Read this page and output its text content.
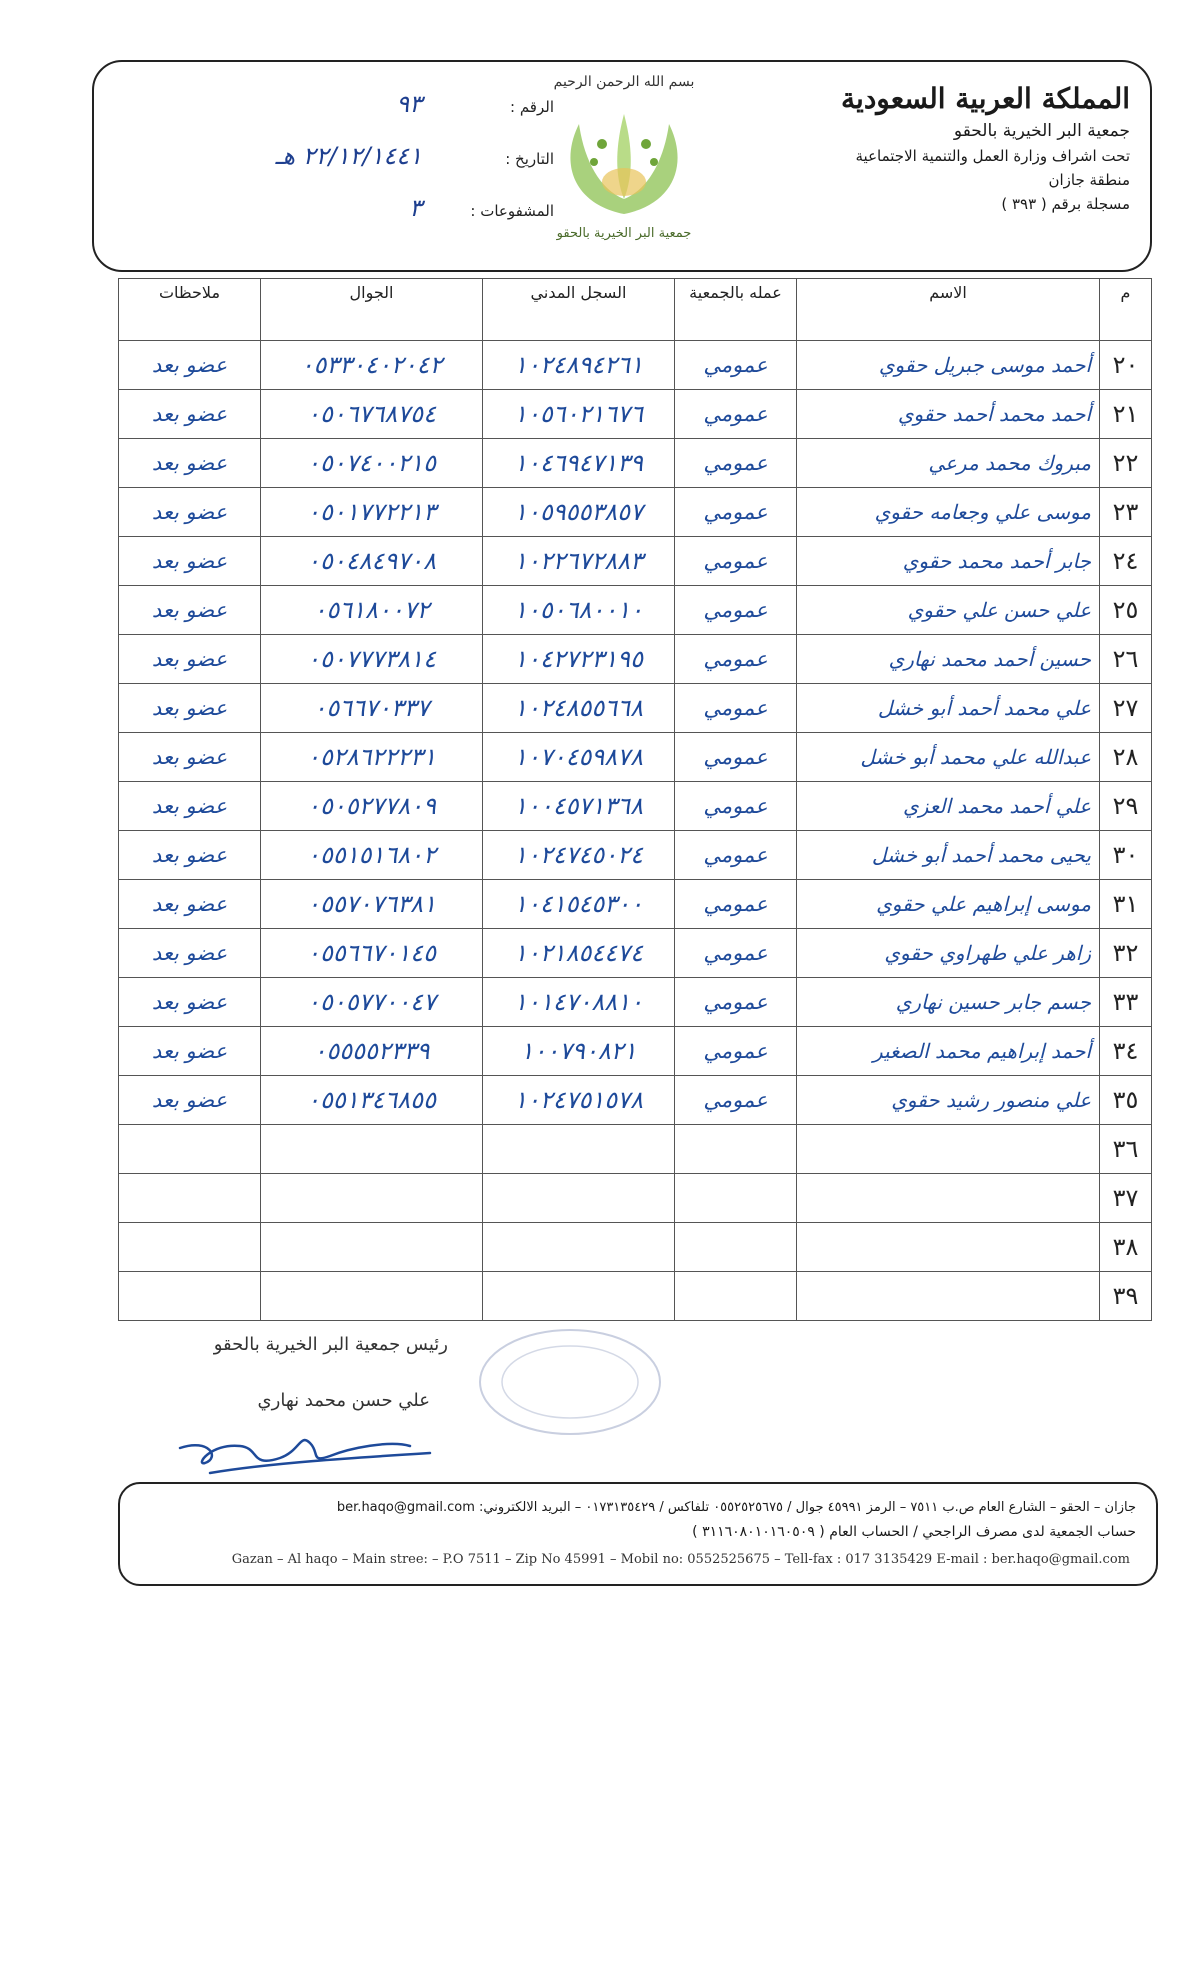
المملكة العربية السعودية
جمعية البر الخيرية بالحقو
تحت اشراف وزارة العمل والتنمية الاجتماعية
منطقة جازان
مسجلة برقم ( ٣٩٣ )
بسم الله الرحمن الرحيم
جمعية البر الخيرية بالحقو
الرقم :
٩٣
التاريخ :
٢٢/١٢/١٤٤١ هـ
المشفوعات :
٣
م	الاسم	عمله بالجمعية	السجل المدني	الجوال	ملاحظات
٢٠	أحمد موسى جبريل حقوي	عمومي	١٠٢٤٨٩٤٢٦١	٠٥٣٣٠٤٠٢٠٤٢	عضو بعد
٢١	أحمد محمد أحمد حقوي	عمومي	١٠٥٦٠٢١٦٧٦	٠٥٠٦٧٦٨٧٥٤	عضو بعد
٢٢	مبروك محمد مرعي	عمومي	١٠٤٦٩٤٧١٣٩	٠٥٠٧٤٠٠٢١٥	عضو بعد
٢٣	موسى علي وجعامه حقوي	عمومي	١٠٥٩٥٥٣٨٥٧	٠٥٠١٧٧٢٢١٣	عضو بعد
٢٤	جابر أحمد محمد حقوي	عمومي	١٠٢٢٦٧٢٨٨٣	٠٥٠٤٨٤٩٧٠٨	عضو بعد
٢٥	علي حسن علي حقوي	عمومي	١٠٥٠٦٨٠٠١٠	٠٥٦١٨٠٠٧٢	عضو بعد
٢٦	حسين أحمد محمد نهاري	عمومي	١٠٤٢٧٢٣١٩٥	٠٥٠٧٧٧٣٨١٤	عضو بعد
٢٧	علي محمد أحمد أبو خشل	عمومي	١٠٢٤٨٥٥٦٦٨	٠٥٦٦٧٠٣٣٧	عضو بعد
٢٨	عبدالله علي محمد أبو خشل	عمومي	١٠٧٠٤٥٩٨٧٨	٠٥٢٨٦٢٢٢٣١	عضو بعد
٢٩	علي أحمد محمد العزي	عمومي	١٠٠٤٥٧١٣٦٨	٠٥٠٥٢٧٧٨٠٩	عضو بعد
٣٠	يحيى محمد أحمد أبو خشل	عمومي	١٠٢٤٧٤٥٠٢٤	٠٥٥١٥١٦٨٠٢	عضو بعد
٣١	موسى إبراهيم علي حقوي	عمومي	١٠٤١٥٤٥٣٠٠	٠٥٥٧٠٧٦٣٨١	عضو بعد
٣٢	زاهر علي طهراوي حقوي	عمومي	١٠٢١٨٥٤٤٧٤	٠٥٥٦٦٧٠١٤٥	عضو بعد
٣٣	جسم جابر حسين نهاري	عمومي	١٠١٤٧٠٨٨١٠	٠٥٠٥٧٧٠٠٤٧	عضو بعد
٣٤	أحمد إبراهيم محمد الصغير	عمومي	١٠٠٧٩٠٨٢١	٠٥٥٥٥٢٣٣٩	عضو بعد
٣٥	علي منصور رشيد حقوي	عمومي	١٠٢٤٧٥١٥٧٨	٠٥٥١٣٤٦٨٥٥	عضو بعد
٣٦					
٣٧					
٣٨					
٣٩					
رئيس جمعية البر الخيرية بالحقو
علي حسن محمد نهاري
جازان – الحقو – الشارع العام ص.ب ٧٥١١ – الرمز ٤٥٩٩١ جوال / ٠٥٥٢٥٢٥٦٧٥ تلفاكس / ٠١٧٣١٣٥٤٢٩ – البريد الالكتروني: ber.haqo@gmail.com
حساب الجمعية لدى مصرف الراجحي / الحساب العام ( ٣١١٦٠٨٠١٠١٦٠٥٠٩ )
Gazan – Al haqo – Main stree: – P.O 7511 – Zip No 45991 – Mobil no: 0552525675 – Tell-fax : 017 3135429 E-mail : ber.haqo@gmail.com
